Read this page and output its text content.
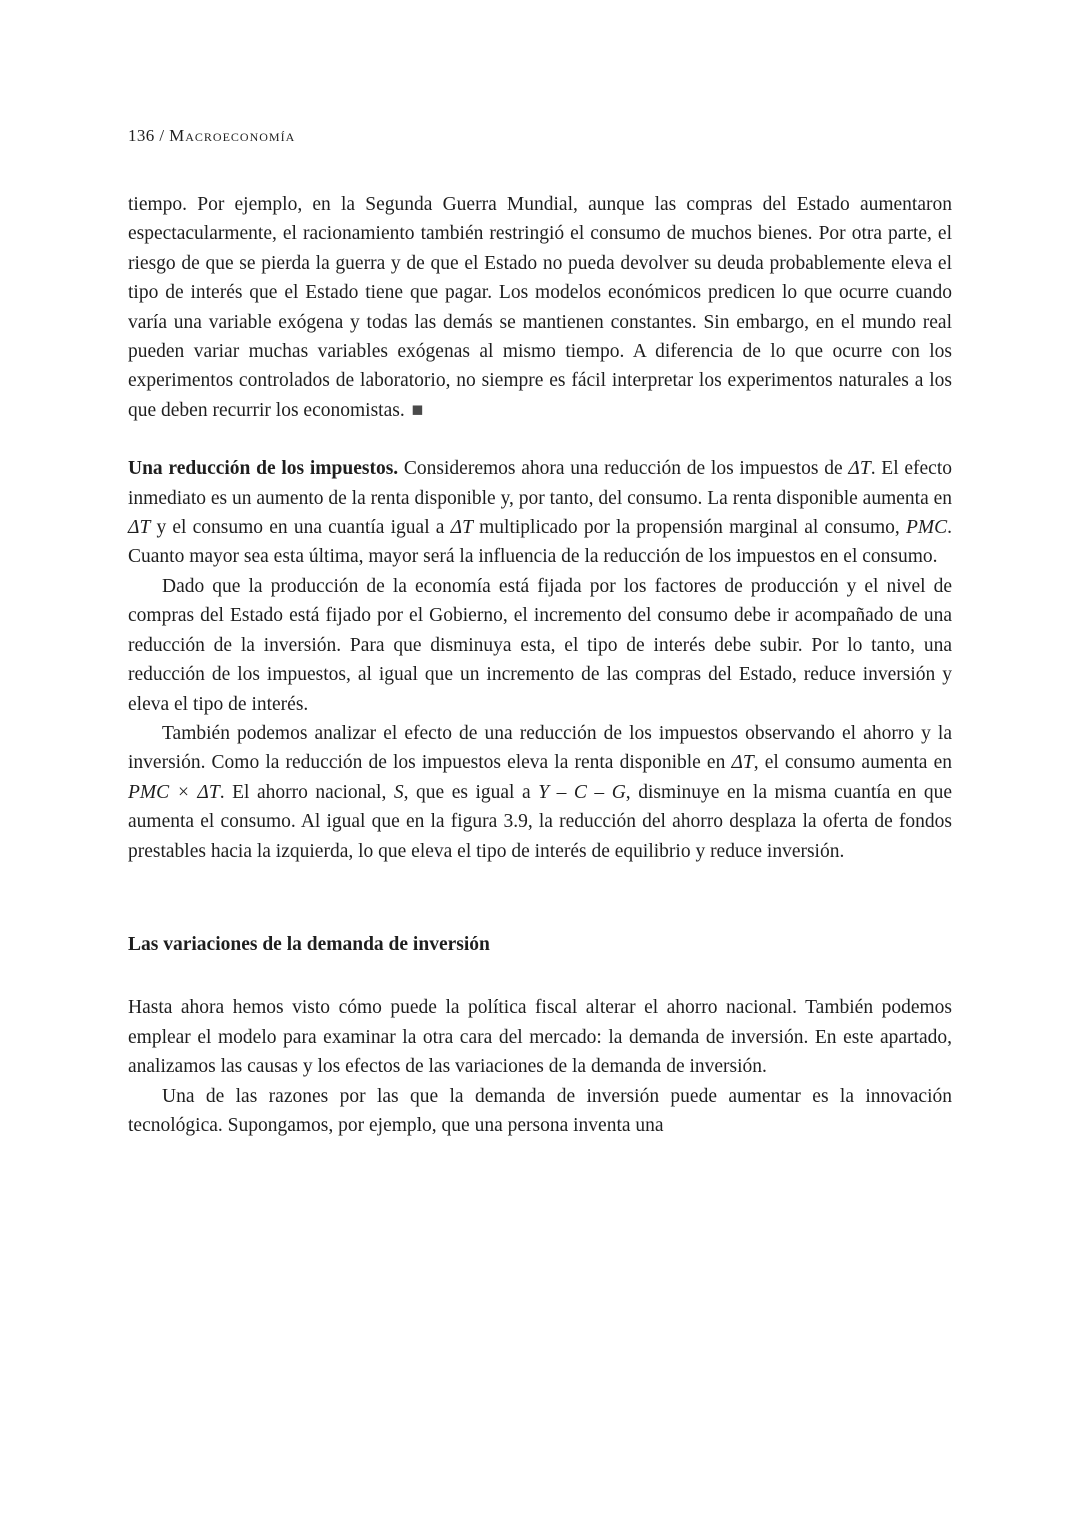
136 / Macroeconomía

tiempo. Por ejemplo, en la Segunda Guerra Mundial, aunque las compras del Estado aumentaron espectacularmente, el racionamiento también restringió el consumo de muchos bienes. Por otra parte, el riesgo de que se pierda la guerra y de que el Estado no pueda devolver su deuda probablemente eleva el tipo de interés que el Estado tiene que pagar. Los modelos económicos predicen lo que ocurre cuando varía una variable exógena y todas las demás se mantienen constantes. Sin embargo, en el mundo real pueden variar muchas variables exógenas al mismo tiempo. A diferencia de lo que ocurre con los experimentos controlados de laboratorio, no siempre es fácil interpretar los experimentos naturales a los que deben recurrir los economistas. ■

Una reducción de los impuestos. Consideremos ahora una reducción de los impuestos de ΔT. El efecto inmediato es un aumento de la renta disponible y, por tanto, del consumo. La renta disponible aumenta en ΔT y el consumo en una cuantía igual a ΔT multiplicado por la propensión marginal al consumo, PMC. Cuanto mayor sea esta última, mayor será la influencia de la reducción de los impuestos en el consumo.

Dado que la producción de la economía está fijada por los factores de producción y el nivel de compras del Estado está fijado por el Gobierno, el incremento del consumo debe ir acompañado de una reducción de la inversión. Para que disminuya esta, el tipo de interés debe subir. Por lo tanto, una reducción de los impuestos, al igual que un incremento de las compras del Estado, reduce inversión y eleva el tipo de interés.

También podemos analizar el efecto de una reducción de los impuestos observando el ahorro y la inversión. Como la reducción de los impuestos eleva la renta disponible en ΔT, el consumo aumenta en PMC × ΔT. El ahorro nacional, S, que es igual a Y – C – G, disminuye en la misma cuantía en que aumenta el consumo. Al igual que en la figura 3.9, la reducción del ahorro desplaza la oferta de fondos prestables hacia la izquierda, lo que eleva el tipo de interés de equilibrio y reduce inversión.

Las variaciones de la demanda de inversión

Hasta ahora hemos visto cómo puede la política fiscal alterar el ahorro nacional. También podemos emplear el modelo para examinar la otra cara del mercado: la demanda de inversión. En este apartado, analizamos las causas y los efectos de las variaciones de la demanda de inversión.

Una de las razones por las que la demanda de inversión puede aumentar es la innovación tecnológica. Supongamos, por ejemplo, que una persona inventa una
